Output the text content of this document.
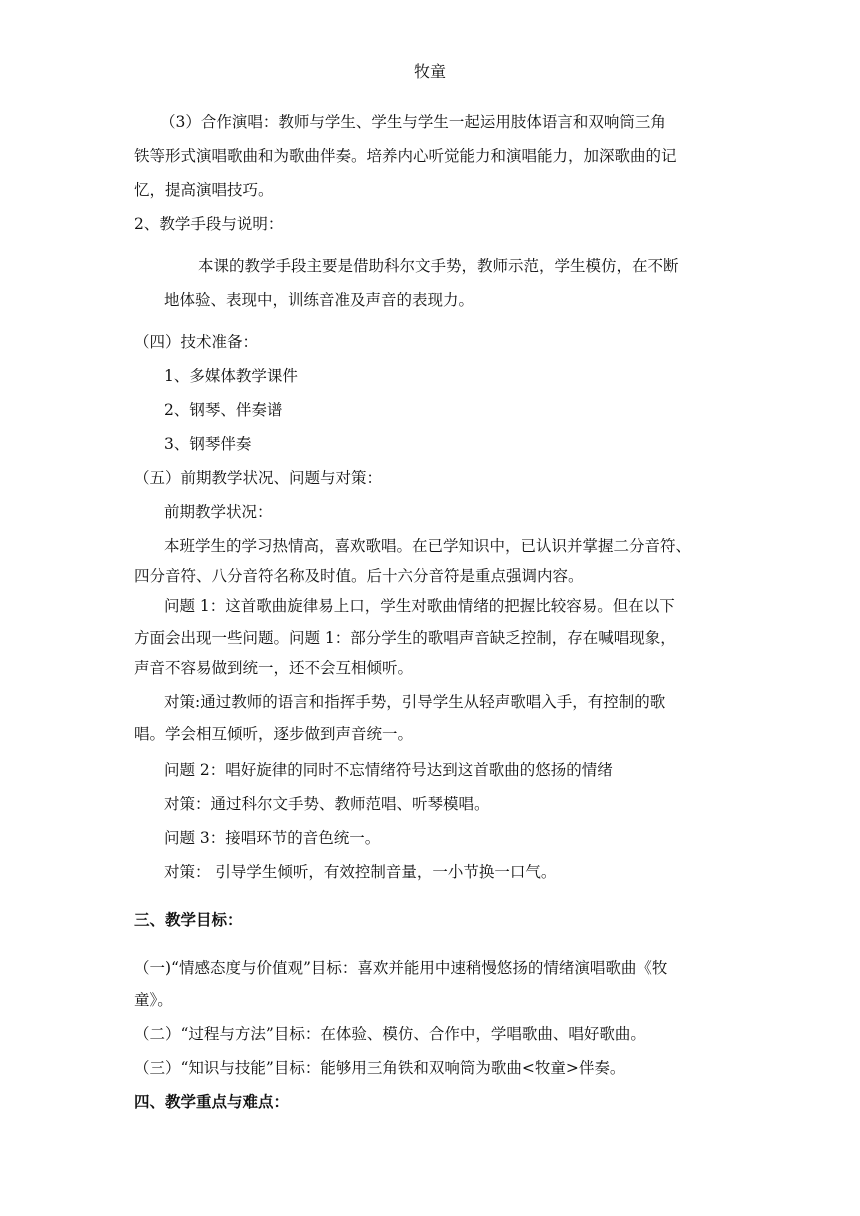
牧童
（3）合作演唱：教师与学生、学生与学生一起运用肢体语言和双响筒三角
铁等形式演唱歌曲和为歌曲伴奏。培养内心听觉能力和演唱能力，加深歌曲的记
忆，提高演唱技巧。
2、教学手段与说明：
本课的教学手段主要是借助科尔文手势，教师示范，学生模仿，在不断
地体验、表现中，训练音准及声音的表现力。
（四）技术准备：
1、多媒体教学课件
2、钢琴、伴奏谱
3、钢琴伴奏
（五）前期教学状况、问题与对策：
前期教学状况：
本班学生的学习热情高，喜欢歌唱。在已学知识中，已认识并掌握二分音符、
四分音符、八分音符名称及时值。后十六分音符是重点强调内容。
问题 1：这首歌曲旋律易上口，学生对歌曲情绪的把握比较容易。但在以下
方面会出现一些问题。问题 1：部分学生的歌唱声音缺乏控制，存在喊唱现象，
声音不容易做到统一，还不会互相倾听。
对策:通过教师的语言和指挥手势，引导学生从轻声歌唱入手，有控制的歌
唱。学会相互倾听，逐步做到声音统一。
问题 2：唱好旋律的同时不忘情绪符号达到这首歌曲的悠扬的情绪
对策：通过科尔文手势、教师范唱、听琴模唱。
问题 3：接唱环节的音色统一。
对策： 引导学生倾听，有效控制音量，一小节换一口气。
三、教学目标：
（一)“情感态度与价值观”目标：喜欢并能用中速稍慢悠扬的情绪演唱歌曲《牧
童》。
（二）“过程与方法”目标：在体验、模仿、合作中，学唱歌曲、唱好歌曲。
（三）“知识与技能”目标：能够用三角铁和双响筒为歌曲<牧童>伴奏。
四、教学重点与难点：
